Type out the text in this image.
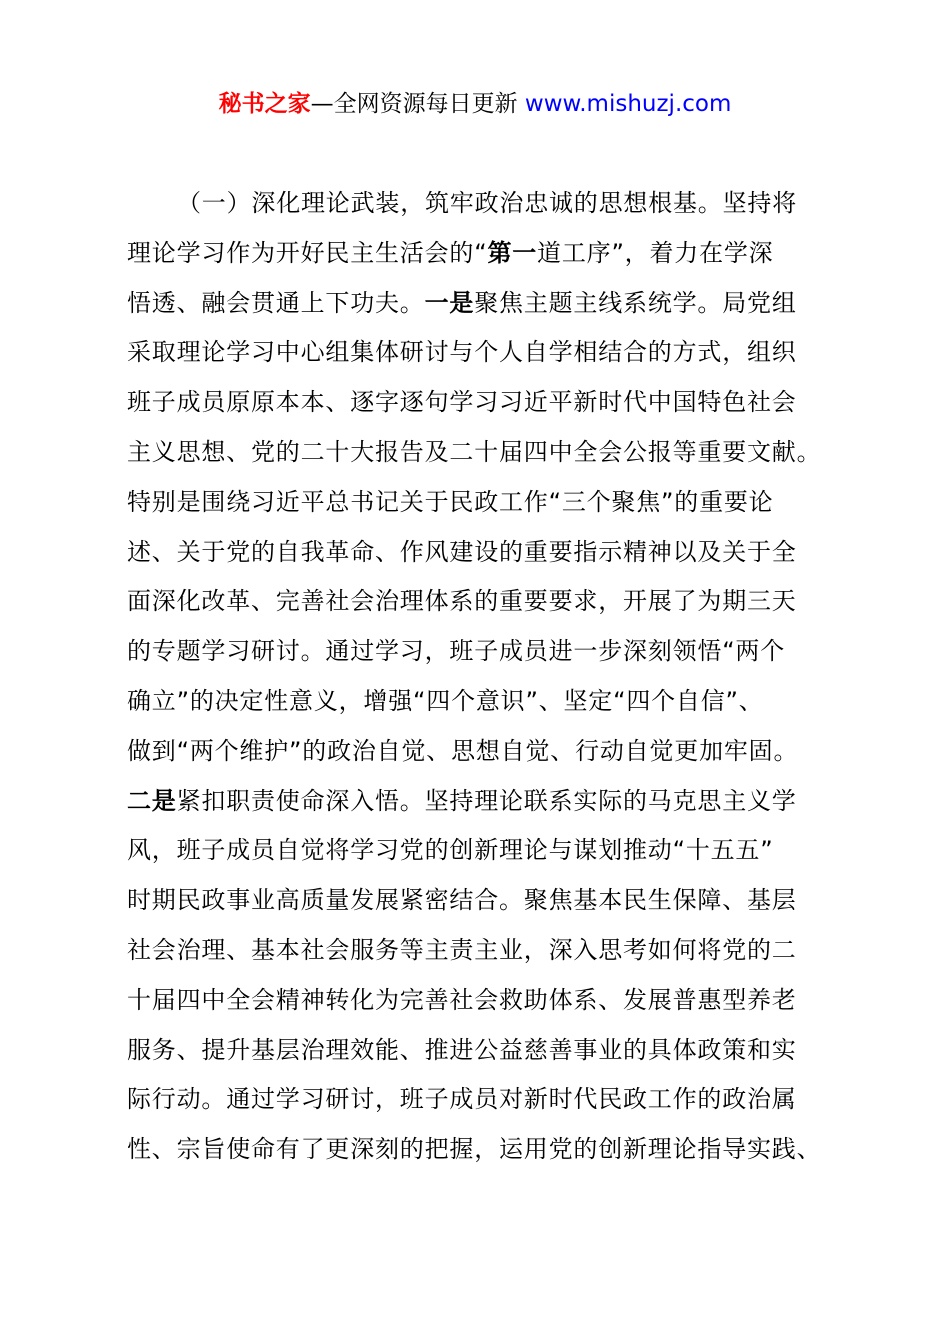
秘书之家—全网资源每日更新 www.mishuzj.com
（一）深化理论武装，筑牢政治忠诚的思想根基。坚持将
理论学习作为开好民主生活会的“第一道工序”，着力在学深
悟透、融会贯通上下功夫。一是聚焦主题主线系统学。局党组
采取理论学习中心组集体研讨与个人自学相结合的方式，组织
班子成员原原本本、逐字逐句学习习近平新时代中国特色社会
主义思想、党的二十大报告及二十届四中全会公报等重要文献。
特别是围绕习近平总书记关于民政工作“三个聚焦”的重要论
述、关于党的自我革命、作风建设的重要指示精神以及关于全
面深化改革、完善社会治理体系的重要要求，开展了为期三天
的专题学习研讨。通过学习，班子成员进一步深刻领悟“两个
确立”的决定性意义，增强“四个意识”、坚定“四个自信”、
做到“两个维护”的政治自觉、思想自觉、行动自觉更加牢固。
二是紧扣职责使命深入悟。坚持理论联系实际的马克思主义学
风，班子成员自觉将学习党的创新理论与谋划推动“十五五”
时期民政事业高质量发展紧密结合。聚焦基本民生保障、基层
社会治理、基本社会服务等主责主业，深入思考如何将党的二
十届四中全会精神转化为完善社会救助体系、发展普惠型养老
服务、提升基层治理效能、推进公益慈善事业的具体政策和实
际行动。通过学习研讨，班子成员对新时代民政工作的政治属
性、宗旨使命有了更深刻的把握，运用党的创新理论指导实践、
